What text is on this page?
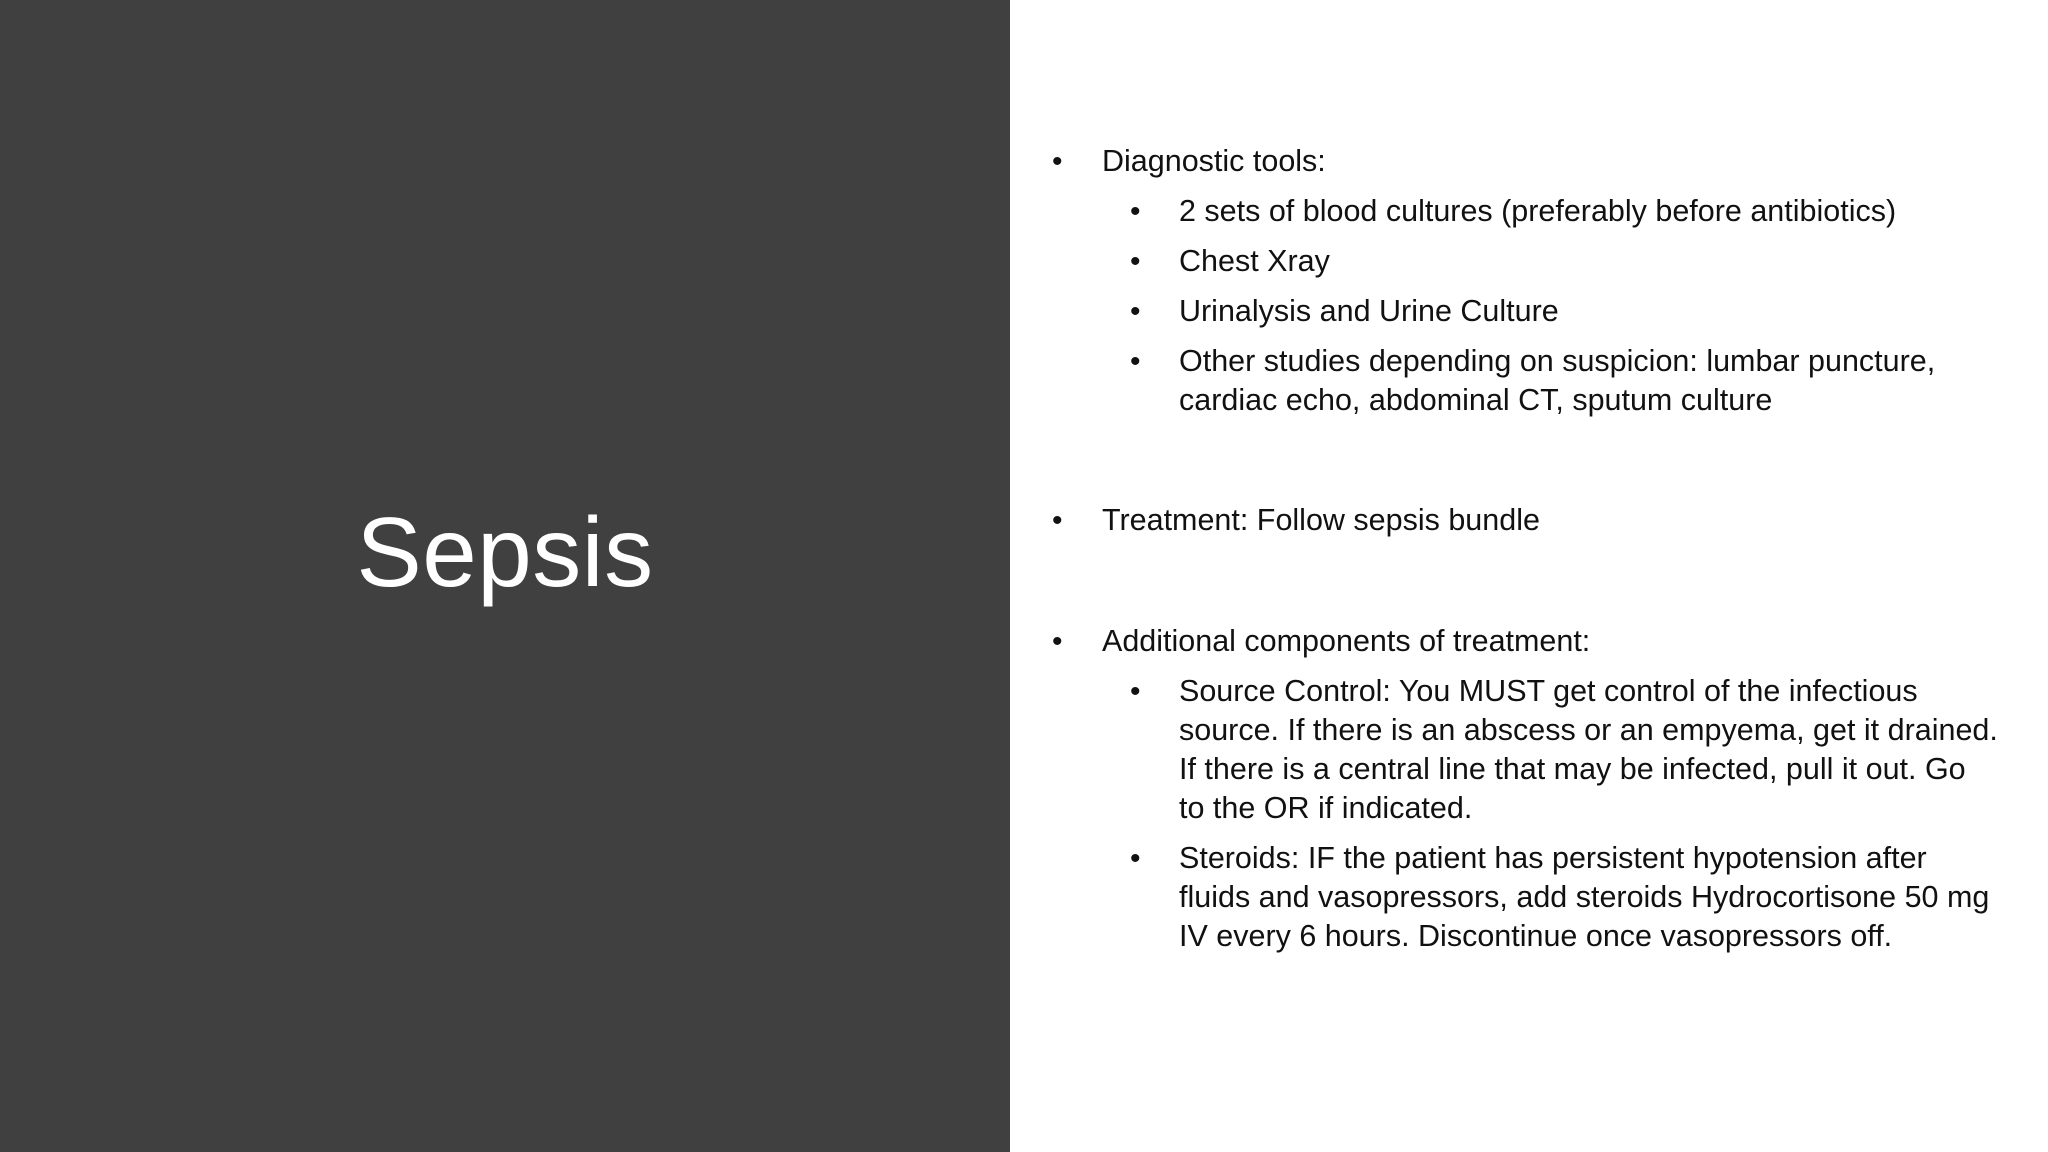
Sepsis

• Diagnostic tools:

• 2 sets of blood cultures (preferably before antibiotics)

• Chest Xray

• Urinalysis and Urine Culture

• Other studies depending on suspicion: lumbar puncture, cardiac echo, abdominal CT, sputum culture

• Treatment: Follow sepsis bundle

• Additional components of treatment:

• Source Control: You MUST get control of the infectious source. If there is an abscess or an empyema, get it drained. If there is a central line that may be infected, pull it out. Go to the OR if indicated.

• Steroids: IF the patient has persistent hypotension after fluids and vasopressors, add steroids Hydrocortisone 50 mg IV every 6 hours. Discontinue once vasopressors off.
